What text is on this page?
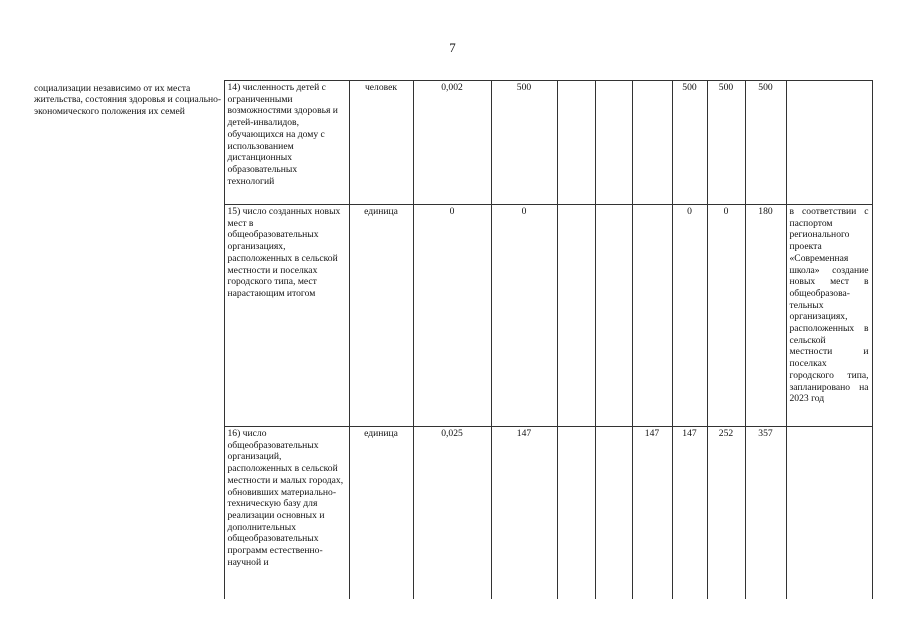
7
социализации независимо от их места жительства, состояния здоровья и социально-экономического положения их семей	14) численность детей с ограниченными возможностями здоровья и детей-инвалидов, обучающихся на дому с использованием дистанционных образовательных технологий	человек	0,002	500				500	500	500	
	15) число созданных новых мест в общеобразовательных организациях, расположенных в сельской местности и поселках городского типа, мест нарастающим итогом	единица	0	0				0	0	180	в соответствии с паспортом регионального проекта «Современная школа» создание новых мест в общеобразова-тельных организациях, расположенных в сельской местности и поселках городского типа, запланировано на 2023 год
	16) число общеобразовательных организаций, расположенных в сельской местности и малых городах, обновивших материально-техническую базу для реализации основных и дополнительных общеобразовательных программ естественно-научной и	единица	0,025	147			147	147	252	357	
